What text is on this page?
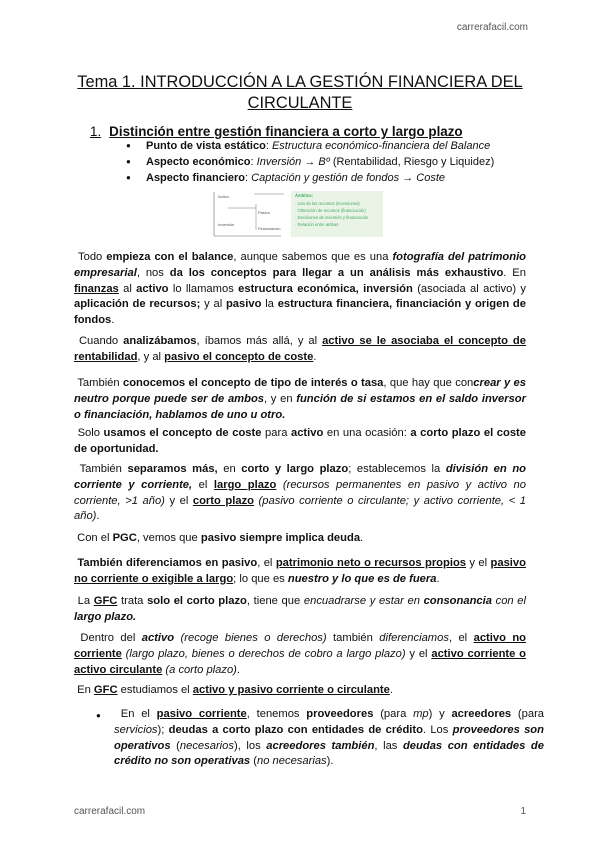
carrerafacil.com
Tema 1. INTRODUCCIÓN A LA GESTIÓN FINANCIERA DEL CIRCULANTE
1. Distinción entre gestión financiera a corto y largo plazo
● Punto de vista estático: Estructura económico-financiera del Balance
● Aspecto económico: Inversión → Bº (Rentabilidad, Riesgo y Liquidez)
● Aspecto financiero: Captación y gestión de fondos → Coste
Activo
Inversión
Pasivo
Financiación
Ámbitos:
· Uso de los recursos (inversiones)
· Obtención de recursos (financiación)
· Decisiones de inversión y financiación
· Relación entre ambas

Todo empieza con el balance, aunque sabemos que es una fotografía del patrimonio empresarial, nos da los conceptos para llegar a un análisis más exhaustivo. En finanzas al activo lo llamamos estructura económica, inversión (asociada al activo) y aplicación de recursos; y al pasivo la estructura financiera, financiación y origen de fondos.

Cuando analizábamos, íbamos más allá, y al activo se le asociaba el concepto de rentabilidad, y al pasivo el concepto de coste.

También conocemos el concepto de tipo de interés o tasa, que hay que concrear y es neutro porque puede ser de ambos, y en función de si estamos en el saldo inversor o financiación, hablamos de uno u otro.

Solo usamos el concepto de coste para activo en una ocasión: a corto plazo el coste de oportunidad.

También separamos más, en corto y largo plazo; establecemos la división en no corriente y corriente, el largo plazo (recursos permanentes en pasivo y activo no corriente, >1 año) y el corto plazo (pasivo corriente o circulante; y activo corriente, < 1 año).

Con el PGC, vemos que pasivo siempre implica deuda.

También diferenciamos en pasivo, el patrimonio neto o recursos propios y el pasivo no corriente o exigible a largo; lo que es nuestro y lo que es de fuera.

La GFC trata solo el corto plazo, tiene que encuadrarse y estar en consonancia con el largo plazo.

Dentro del activo (recoge bienes o derechos) también diferenciamos, el activo no corriente (largo plazo, bienes o derechos de cobro a largo plazo) y el activo corriente o activo circulante (a corto plazo).

En GFC estudiamos el activo y pasivo corriente o circulante.

● En el pasivo corriente, tenemos proveedores (para mp) y acreedores (para servicios); deudas a corto plazo con entidades de crédito. Los proveedores son operativos (necesarios), los acreedores también, las deudas con entidades de crédito no son operativas (no necesarias).

carrerafacil.com	1
